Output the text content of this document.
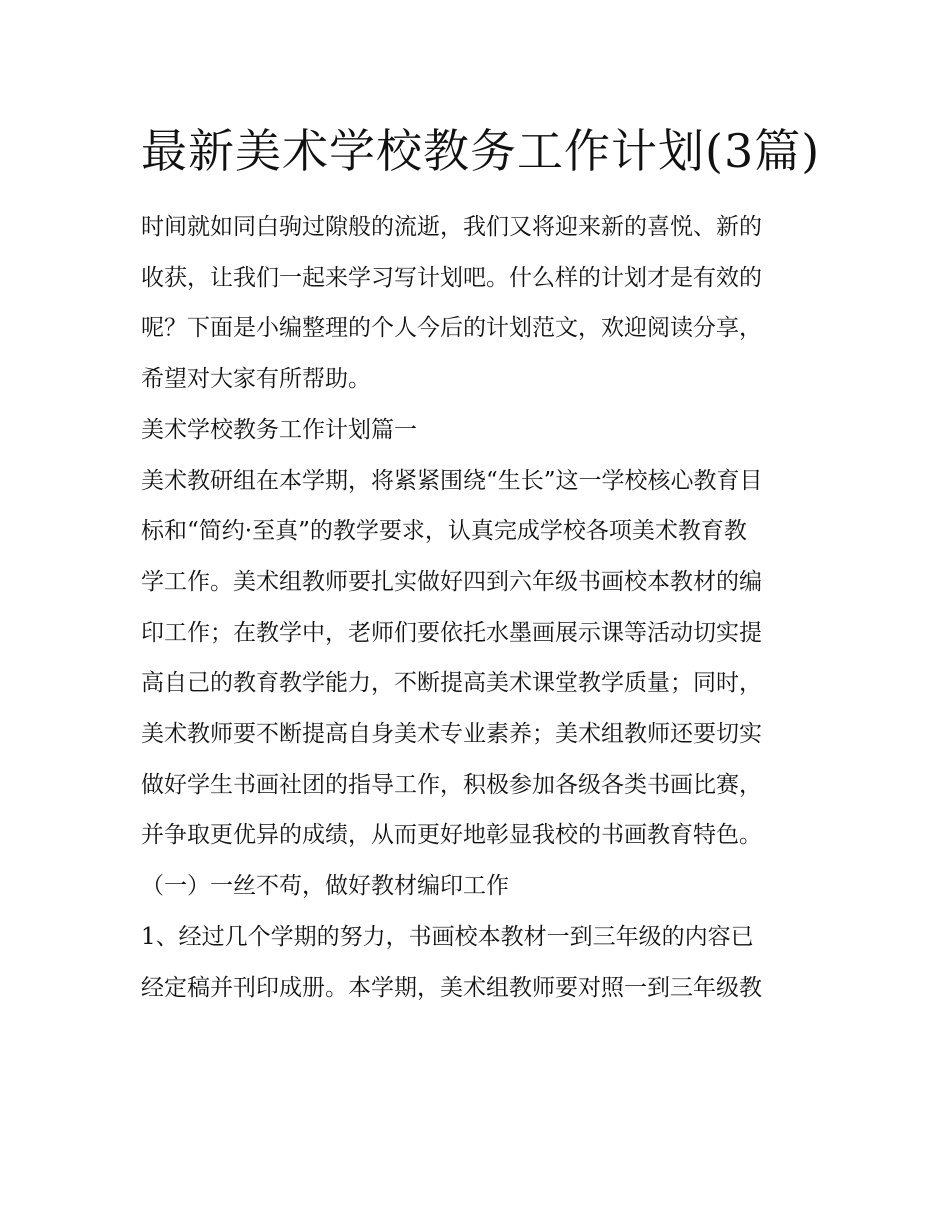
最新美术学校教务工作计划(3篇)

时间就如同白驹过隙般的流逝，我们又将迎来新的喜悦、新的

收获，让我们一起来学习写计划吧。什么样的计划才是有效的

呢？下面是小编整理的个人今后的计划范文，欢迎阅读分享，

希望对大家有所帮助。

美术学校教务工作计划篇一

美术教研组在本学期，将紧紧围绕“生长”这一学校核心教育目

标和“简约·至真”的教学要求，认真完成学校各项美术教育教

学工作。美术组教师要扎实做好四到六年级书画校本教材的编

印工作；在教学中，老师们要依托水墨画展示课等活动切实提

高自己的教育教学能力，不断提高美术课堂教学质量；同时，

美术教师要不断提高自身美术专业素养；美术组教师还要切实

做好学生书画社团的指导工作，积极参加各级各类书画比赛，

并争取更优异的成绩，从而更好地彰显我校的书画教育特色。

（一）一丝不苟，做好教材编印工作

1、经过几个学期的努力，书画校本教材一到三年级的内容已

经定稿并刊印成册。本学期，美术组教师要对照一到三年级教
